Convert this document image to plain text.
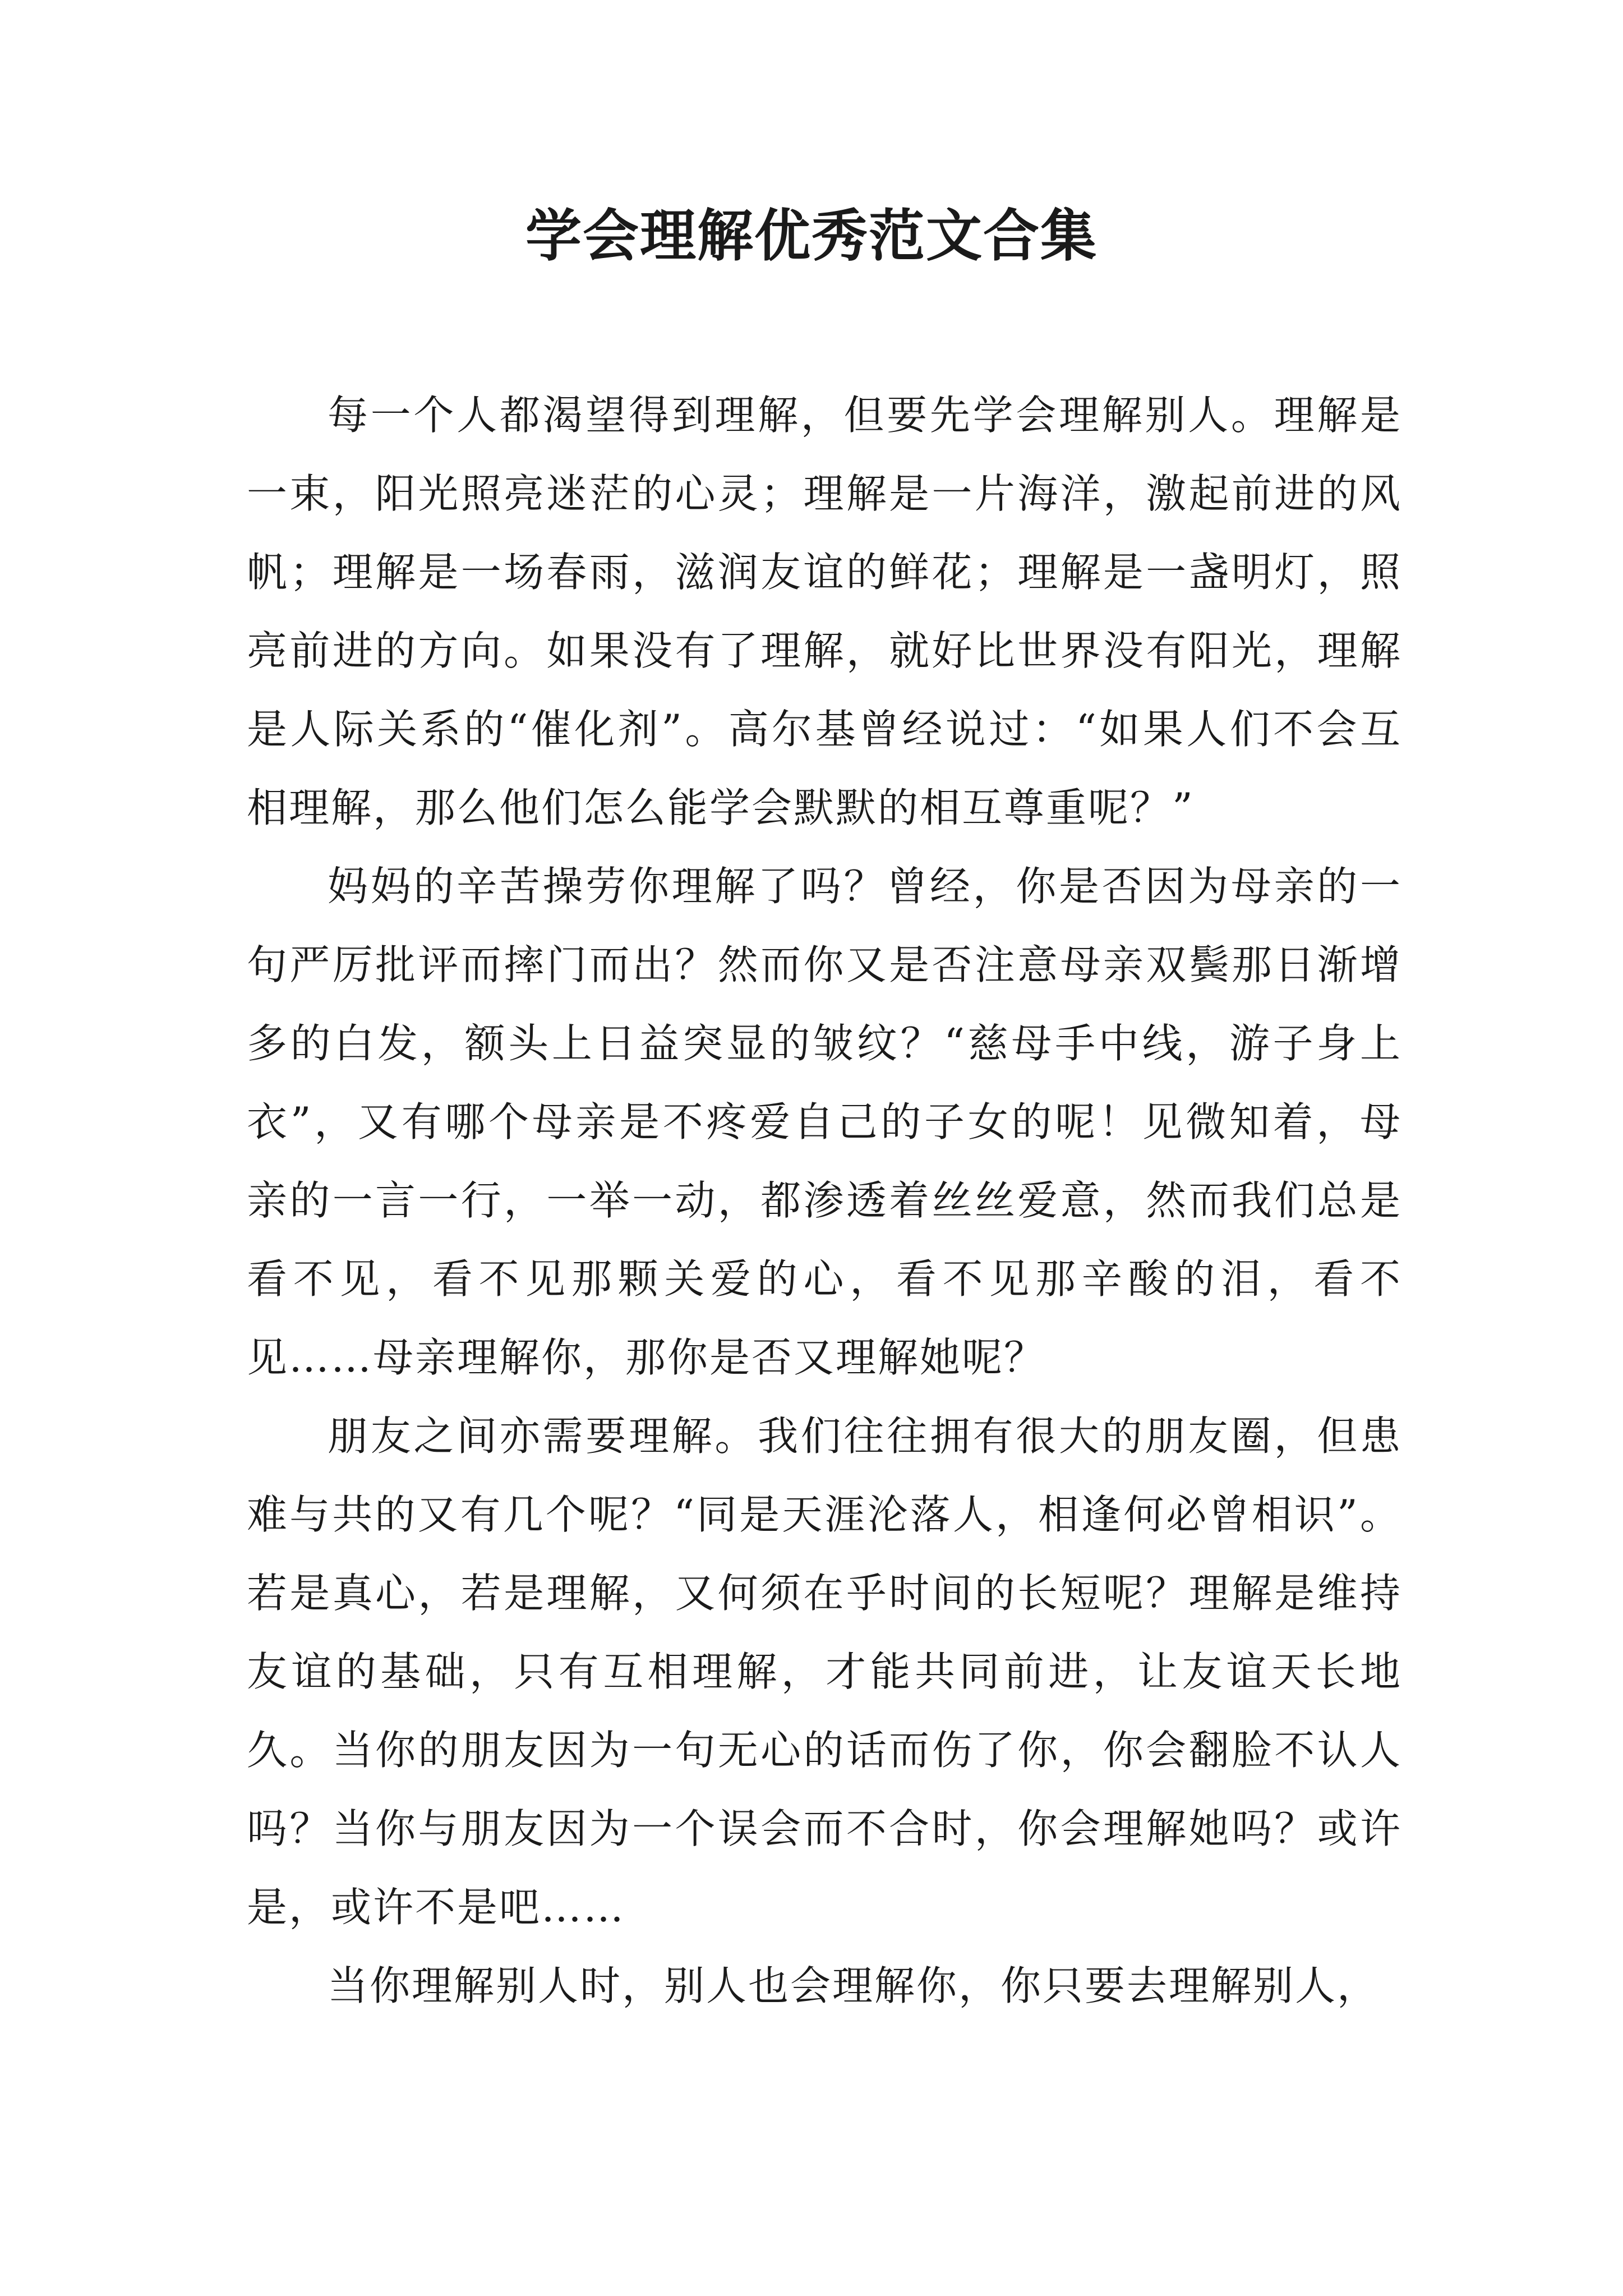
学会理解优秀范文合集

每一个人都渴望得到理解，但要先学会理解别人。理解是一束，阳光照亮迷茫的心灵；理解是一片海洋，激起前进的风帆；理解是一场春雨，滋润友谊的鲜花；理解是一盏明灯，照亮前进的方向。如果没有了理解，就好比世界没有阳光，理解是人际关系的“催化剂”。高尔基曾经说过：“如果人们不会互相理解，那么他们怎么能学会默默的相互尊重呢？”

妈妈的辛苦操劳你理解了吗？曾经，你是否因为母亲的一句严厉批评而摔门而出？然而你又是否注意母亲双鬓那日渐增多的白发，额头上日益突显的皱纹？“慈母手中线，游子身上衣”，又有哪个母亲是不疼爱自己的子女的呢！见微知着，母亲的一言一行，一举一动，都渗透着丝丝爱意，然而我们总是看不见，看不见那颗关爱的心，看不见那辛酸的泪，看不见……母亲理解你，那你是否又理解她呢？

朋友之间亦需要理解。我们往往拥有很大的朋友圈，但患难与共的又有几个呢？“同是天涯沦落人，相逢何必曾相识”。若是真心，若是理解，又何须在乎时间的长短呢？理解是维持友谊的基础，只有互相理解，才能共同前进，让友谊天长地久。当你的朋友因为一句无心的话而伤了你，你会翻脸不认人吗？当你与朋友因为一个误会而不合时，你会理解她吗？或许是，或许不是吧……

当你理解别人时，别人也会理解你，你只要去理解别人，
